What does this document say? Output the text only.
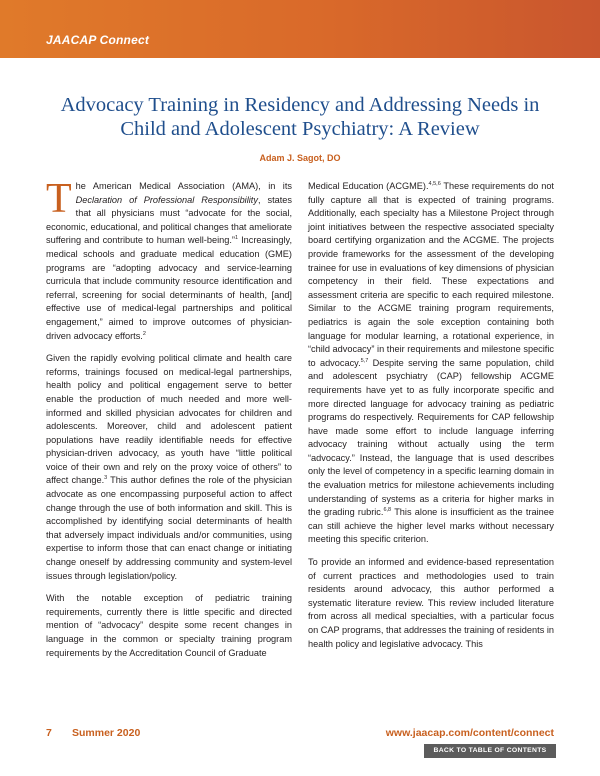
JAACAP Connect
Advocacy Training in Residency and Addressing Needs in Child and Adolescent Psychiatry: A Review
Adam J. Sagot, DO

The American Medical Association (AMA), in its Declaration of Professional Responsibility, states that all physicians must “advocate for the social, economic, educational, and political changes that ameliorate suffering and contribute to human well-being.”$^1$ Increasingly, medical schools and graduate medical education (GME) programs are “adopting advocacy and service-learning curricula that include community resource identification and referral, screening for social determinants of health, [and] effective use of medical-legal partnerships and political engagement,” aimed to improve outcomes of physician-driven advocacy efforts.$^2$

Given the rapidly evolving political climate and health care reforms, trainings focused on medical-legal partnerships, health policy and political engagement serve to better enable the production of much needed and more well-informed and skilled physician advocates for children and adolescents. Moreover, child and adolescent patient populations have readily identifiable needs for effective physician-driven advocacy, as youth have “little political voice of their own and rely on the proxy voice of others” to affect change.$^3$ This author defines the role of the physician advocate as one encompassing purposeful action to affect change through the use of both information and skill. This is accomplished by identifying social determinants of health that adversely impact individuals and/or communities, using expertise to inform those that can enact change or initiating change oneself by addressing community and system-level issues through legislation/policy.

With the notable exception of pediatric training requirements, currently there is little specific and directed mention of “advocacy” despite some recent changes in language in the common or specialty training program requirements by the Accreditation Council of Graduate

Medical Education (ACGME).$^{4,5,6}$ These requirements do not fully capture all that is expected of training programs. Additionally, each specialty has a Milestone Project through joint initiatives between the respective associated specialty board certifying organization and the ACGME. The projects provide frameworks for the assessment of the developing trainee for use in evaluations of key dimensions of physician competency in their field. These expectations and assessment criteria are specific to each required milestone. Similar to the ACGME training program requirements, pediatrics is again the sole exception containing both language for modular learning, a rotational experience, in “child advocacy” in their requirements and milestone specific to advocacy.$^{5,7}$ Despite serving the same population, child and adolescent psychiatry (CAP) fellowship ACGME requirements have yet to as fully incorporate specific and more directed language for advocacy training as pediatric programs do respectively. Requirements for CAP fellowship have made some effort to include language inferring advocacy training without actually using the term “advocacy.” Instead, the language that is used describes only the level of competency in a specific learning domain in the evaluation metrics for milestone achievements including understanding of systems as a criteria for higher marks in the grading rubric.$^{6,8}$ This alone is insufficient as the trainee can still achieve the higher level marks without necessary meeting this specific criterion.

To provide an informed and evidence-based representation of current practices and methodologies used to train residents around advocacy, this author performed a systematic literature review. This review included literature from across all medical specialties, with a particular focus on CAP programs, that addresses the training of residents in health policy and legislative advocacy. This

7 Summer 2020	www.jaacap.com/content/connect
BACK TO TABLE OF CONTENTS
